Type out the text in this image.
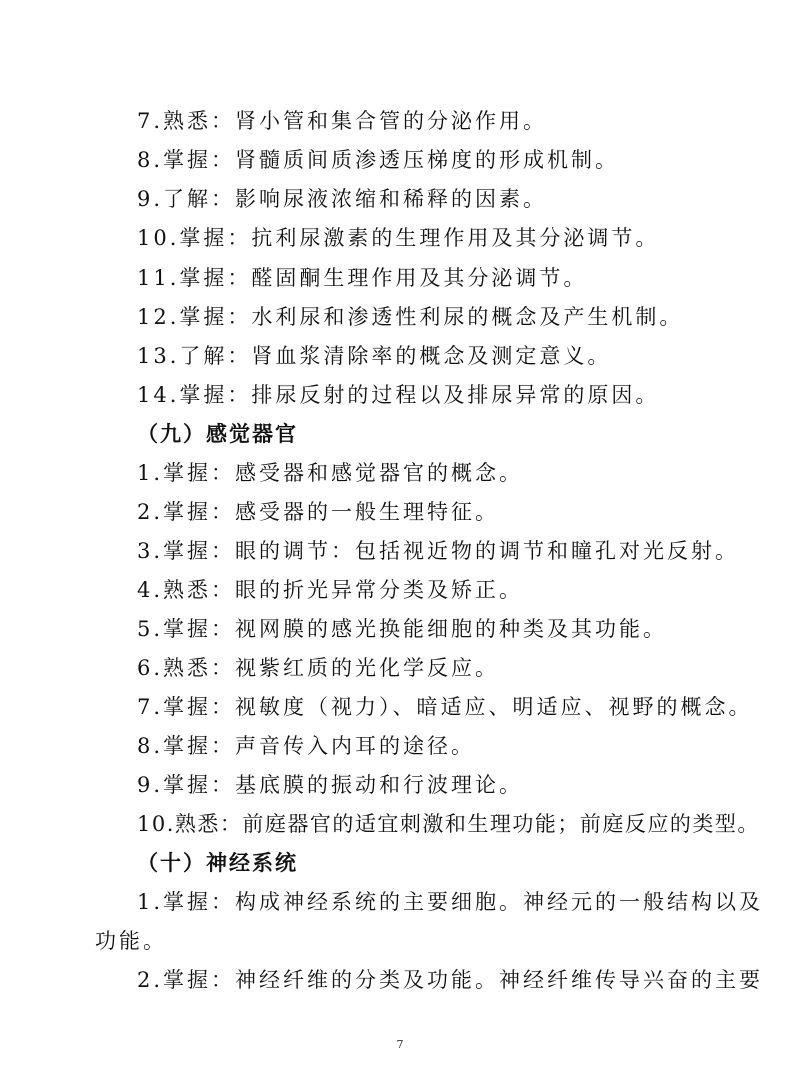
7.熟悉：肾小管和集合管的分泌作用。
8.掌握：肾髓质间质渗透压梯度的形成机制。
9.了解：影响尿液浓缩和稀释的因素。
10.掌握：抗利尿激素的生理作用及其分泌调节。
11.掌握：醛固酮生理作用及其分泌调节。
12.掌握：水利尿和渗透性利尿的概念及产生机制。
13.了解：肾血浆清除率的概念及测定意义。
14.掌握：排尿反射的过程以及排尿异常的原因。
（九）感觉器官
1.掌握：感受器和感觉器官的概念。
2.掌握：感受器的一般生理特征。
3.掌握：眼的调节：包括视近物的调节和瞳孔对光反射。
4.熟悉：眼的折光异常分类及矫正。
5.掌握：视网膜的感光换能细胞的种类及其功能。
6.熟悉：视紫红质的光化学反应。
7.掌握：视敏度（视力）、暗适应、明适应、视野的概念。
8.掌握：声音传入内耳的途径。
9.掌握：基底膜的振动和行波理论。
10.熟悉：前庭器官的适宜刺激和生理功能；前庭反应的类型。
（十）神经系统
1.掌握：构成神经系统的主要细胞。神经元的一般结构以及
功能。
2.掌握：神经纤维的分类及功能。神经纤维传导兴奋的主要
7
